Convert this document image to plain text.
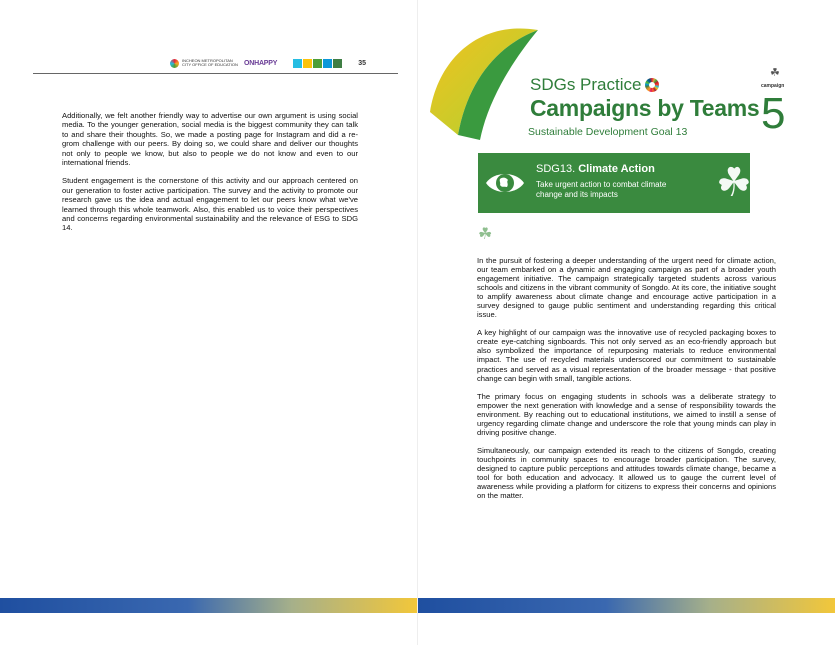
INCHEON METROPOLITAN CITY OFFICE OF EDUCATION ONHAPPY	35

Additionally, we felt another friendly way to advertise our own argument is using social media. To the younger generation, social media is the biggest community they can talk to and share their thoughts. So, we made a posting page for Instagram and did a re-grom challenge with our peers. By doing so, we could share and deliver our thoughts not only to people we know, but also to people we do not know and even to our international friends.

Student engagement is the cornerstone of this activity and our approach centered on our generation to foster active participation. The survey and the activity to promote our research gave us the idea and actual engagement to let our peers know what we've learned through this whole teamwork. Also, this enabled us to voice their perspectives and concerns regarding environmental sustainability and the relevance of ESG to SDG 14.

SDGs Practice
Campaigns by Teams
Sustainable Development Goal 13
☘
campaign
5
SDG13. Climate Action
Take urgent action to combat climate change and its impacts	☘
☘

In the pursuit of fostering a deeper understanding of the urgent need for climate action, our team embarked on a dynamic and engaging campaign as part of a broader youth engagement initiative. The campaign strategically targeted students across various schools and citizens in the vibrant community of Songdo. At its core, the initiative sought to amplify awareness about climate change and encourage active participation in a survey designed to gauge public sentiment and understanding regarding this critical issue.

A key highlight of our campaign was the innovative use of recycled packaging boxes to create eye-catching signboards. This not only served as an eco-friendly approach but also symbolized the importance of repurposing materials to reduce environmental impact. The use of recycled materials underscored our commitment to sustainable practices and served as a visual representation of the broader message - that positive change can begin with small, tangible actions.

The primary focus on engaging students in schools was a deliberate strategy to empower the next generation with knowledge and a sense of responsibility towards the environment. By reaching out to educational institutions, we aimed to instill a sense of urgency regarding climate change and underscore the role that young minds can play in driving positive change.

Simultaneously, our campaign extended its reach to the citizens of Songdo, creating touchpoints in community spaces to encourage broader participation. The survey, designed to capture public perceptions and attitudes towards climate change, became a tool for both education and advocacy. It allowed us to gauge the current level of awareness while providing a platform for citizens to express their concerns and opinions on the matter.
